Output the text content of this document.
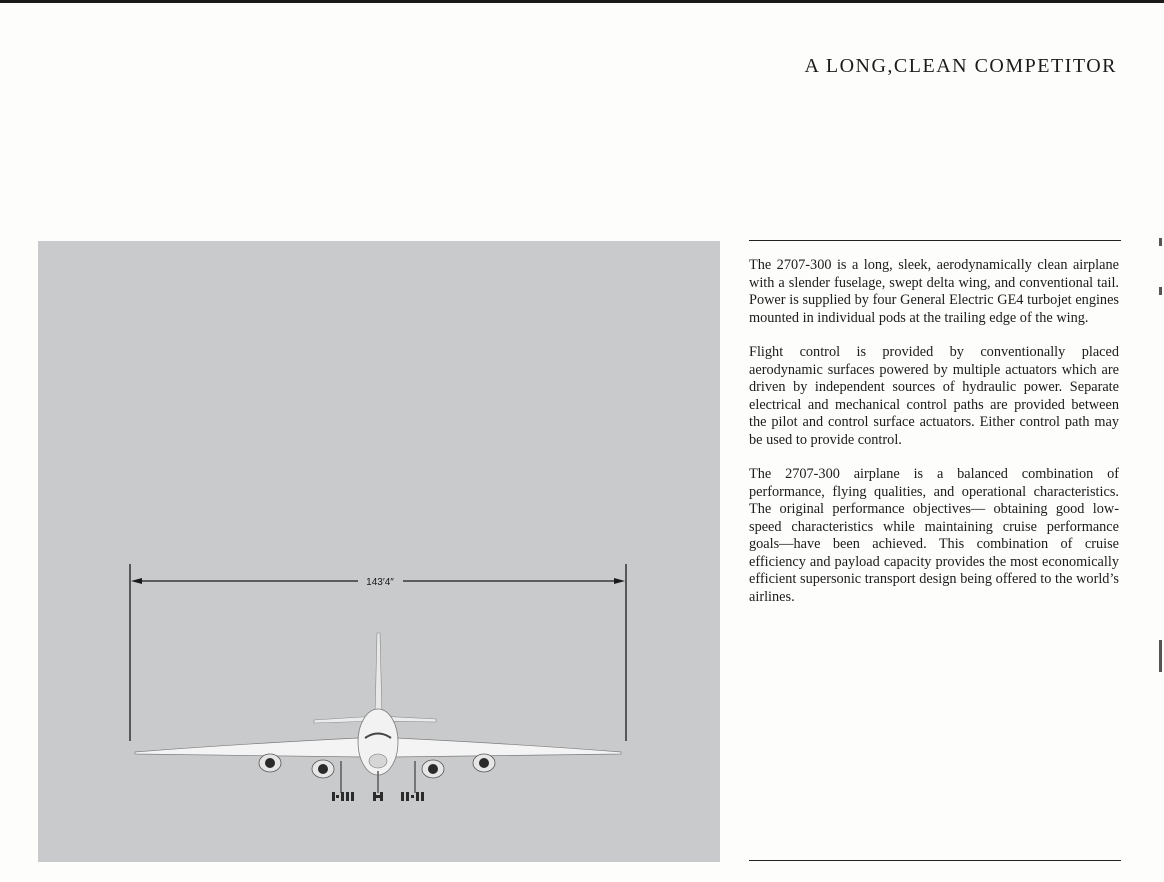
A LONG,CLEAN COMPETITOR
143′4″

The 2707-300 is a long, sleek, aerodynamically clean airplane with a slender fuselage, swept delta wing, and conventional tail. Power is supplied by four General Electric GE4 turbojet engines mounted in individual pods at the trailing edge of the wing.

Flight control is provided by conventionally placed aerodynamic surfaces powered by multiple actuators which are driven by independent sources of hydraulic power. Separate electrical and mechanical control paths are provided between the pilot and control surface actuators. Either control path may be used to provide control.

The 2707-300 airplane is a balanced combination of performance, flying qualities, and operational characteristics. The original performance objectives— obtaining good low-speed characteristics while maintaining cruise performance goals—have been achieved. This combination of cruise efficiency and payload capacity provides the most economically efficient supersonic transport design being offered to the world’s airlines.
